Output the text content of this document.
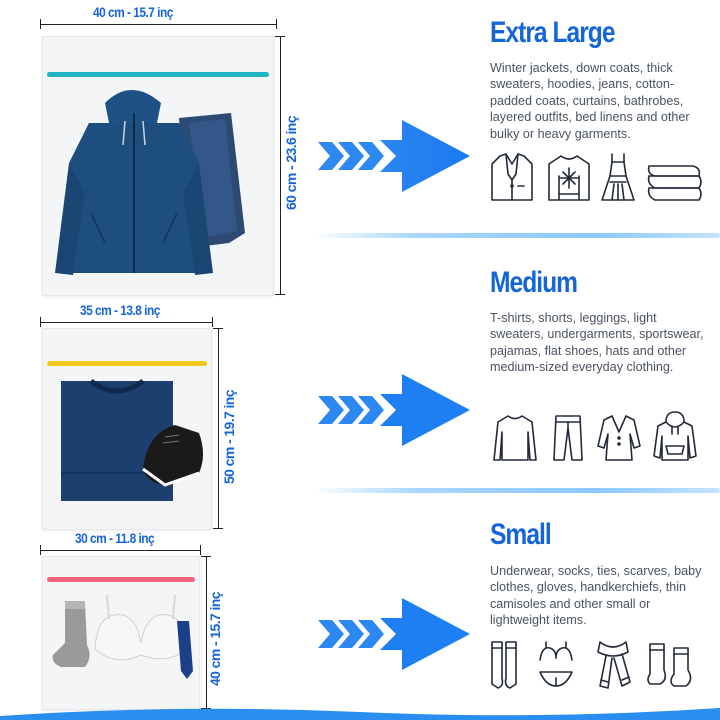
40 cm - 15.7 inç
60 cm - 23.6 inç
Extra Large
Winter jackets, down coats, thick sweaters, hoodies, jeans, cotton-padded coats, curtains, bathrobes, layered outfits, bed linens and other bulky or heavy garments.
35 cm - 13.8 inç
50 cm - 19.7 inç
Medium
T-shirts, shorts, leggings, light sweaters, undergarments, sportswear, pajamas, flat shoes, hats and other medium-sized everyday clothing.
30 cm - 11.8 inç
40 cm - 15.7 inç
Small
Underwear, socks, ties, scarves, baby clothes, gloves, handkerchiefs, thin camisoles and other small or lightweight items.
